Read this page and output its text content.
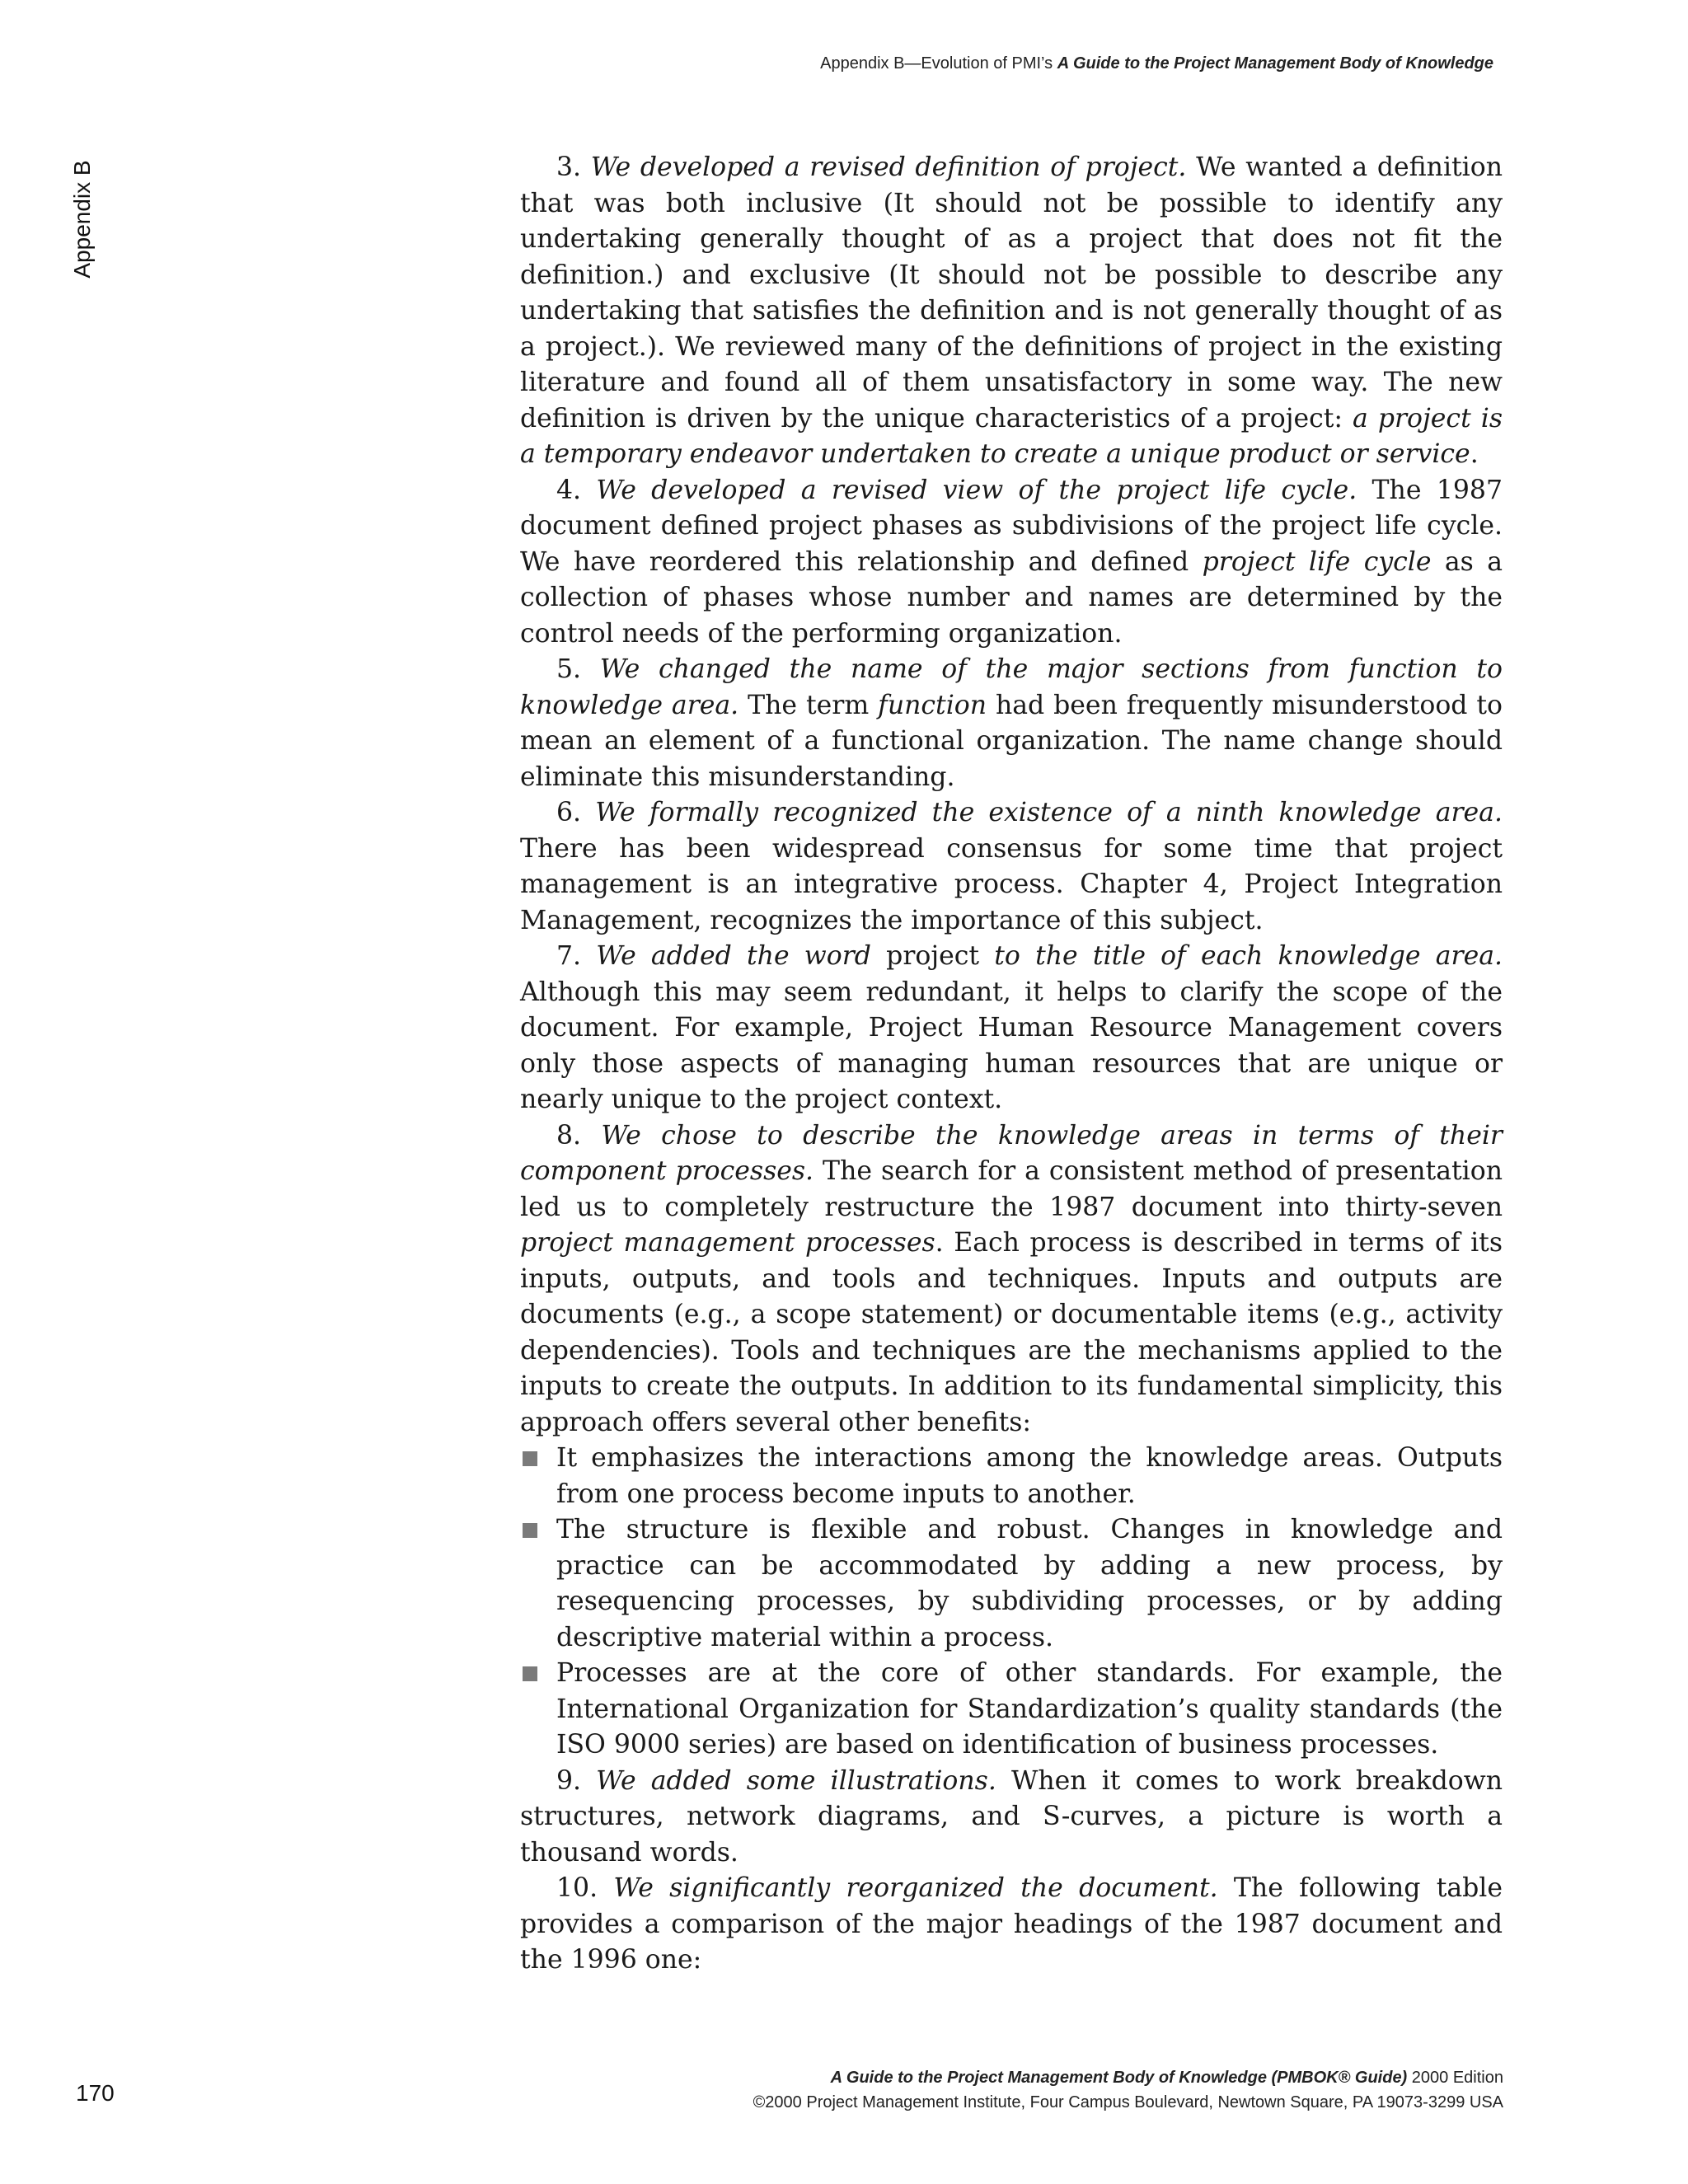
Appendix B—Evolution of PMI’s A Guide to the Project Management Body of Knowledge
Appendix B	3. We developed a revised definition of project. We wanted a definition that was both inclusive (It should not be possible to identify any undertaking generally thought of as a project that does not fit the definition.) and exclusive (It should not be possible to describe any undertaking that satisfies the definition and is not generally thought of as a project.). We reviewed many of the definitions of project in the existing literature and found all of them unsatisfactory in some way. The new definition is driven by the unique characteristics of a project: a project is a temporary endeavor undertaken to create a unique product or service.

4. We developed a revised view of the project life cycle. The 1987 document defined project phases as subdivisions of the project life cycle. We have reordered this relationship and defined project life cycle as a collection of phases whose number and names are determined by the control needs of the performing organization.

5. We changed the name of the major sections from function to knowledge area. The term function had been frequently misunderstood to mean an element of a functional organization. The name change should eliminate this misunderstanding.

6. We formally recognized the existence of a ninth knowledge area. There has been widespread consensus for some time that project management is an integrative process. Chapter 4, Project Integration Management, recognizes the importance of this subject.

7. We added the word project to the title of each knowledge area. Although this may seem redundant, it helps to clarify the scope of the document. For example, Project Human Resource Management covers only those aspects of managing human resources that are unique or nearly unique to the project context.

8. We chose to describe the knowledge areas in terms of their component processes. The search for a consistent method of presentation led us to completely restructure the 1987 document into thirty-seven project management processes. Each process is described in terms of its inputs, outputs, and tools and techniques. Inputs and outputs are documents (e.g., a scope statement) or documentable items (e.g., activity dependencies). Tools and techniques are the mechanisms applied to the inputs to create the outputs. In addition to its fundamental simplicity, this approach offers several other benefits:

It emphasizes the interactions among the knowledge areas. Outputs from one process become inputs to another.
The structure is flexible and robust. Changes in knowledge and practice can be accommodated by adding a new process, by resequencing processes, by subdividing processes, or by adding descriptive material within a process.
Processes are at the core of other standards. For example, the International Organization for Standardization’s quality standards (the ISO 9000 series) are based on identification of business processes.

9. We added some illustrations. When it comes to work breakdown structures, network diagrams, and S-curves, a picture is worth a thousand words.

10. We significantly reorganized the document. The following table provides a comparison of the major headings of the 1987 document and the 1996 one:

170
A Guide to the Project Management Body of Knowledge (PMBOK® Guide) 2000 Edition
©2000 Project Management Institute, Four Campus Boulevard, Newtown Square, PA 19073-3299 USA
